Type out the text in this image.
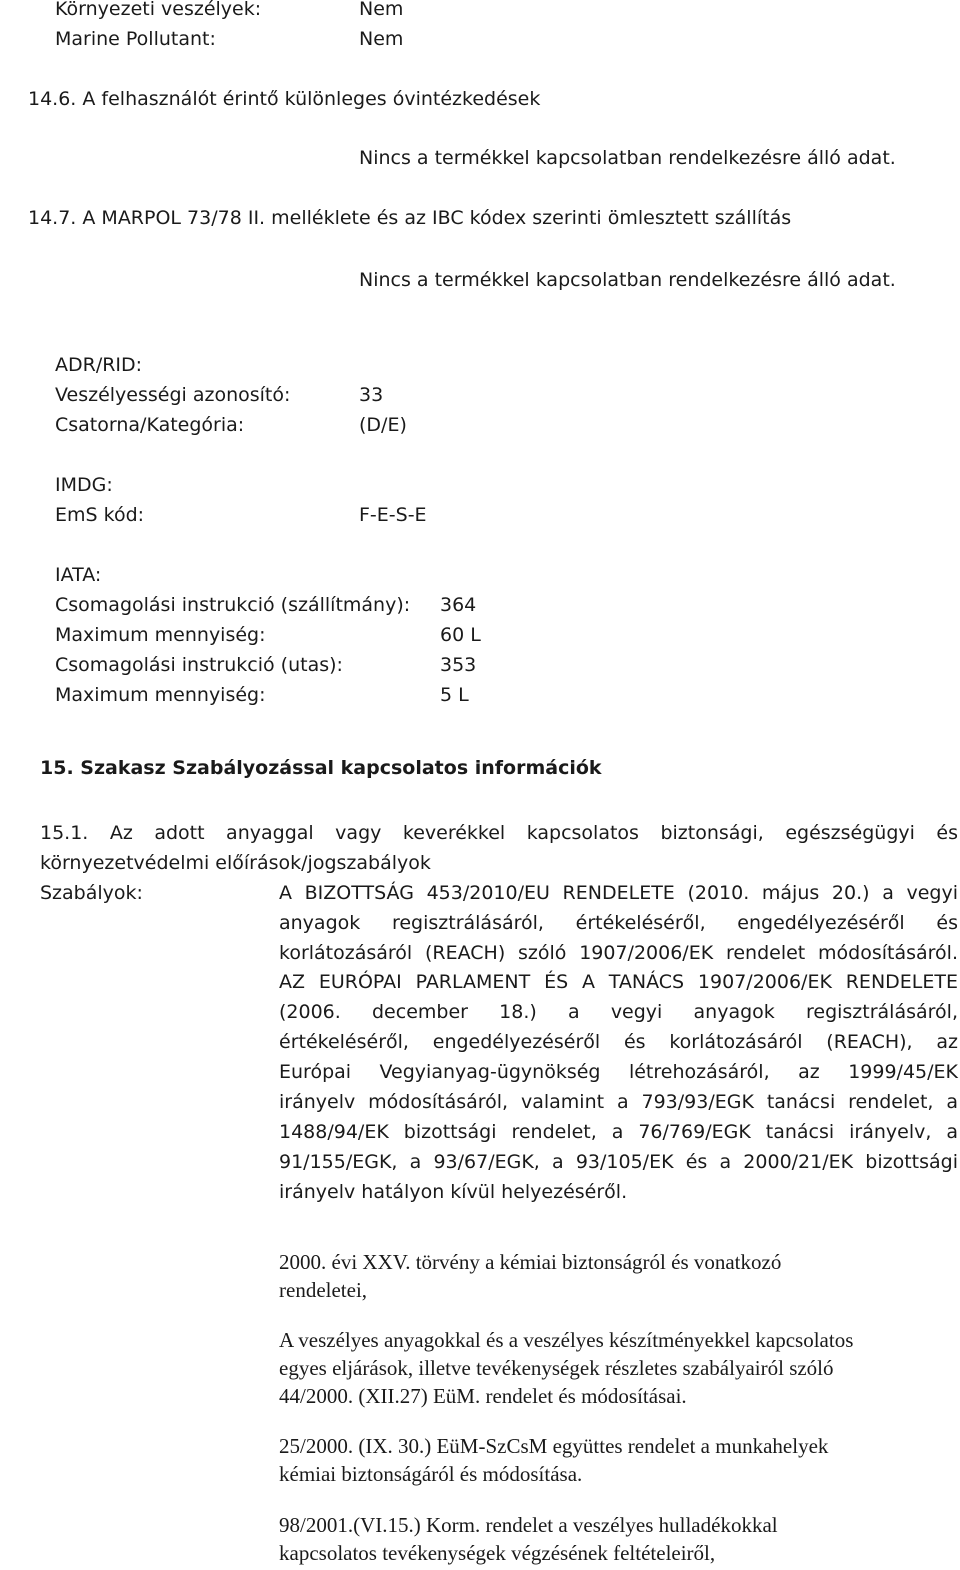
Környezeti veszélyek:	Nem
Marine Pollutant:	Nem
14.6. A felhasználót érintő különleges óvintézkedések
Nincs a termékkel kapcsolatban rendelkezésre álló adat.
14.7. A MARPOL 73/78 II. melléklete és az IBC kódex szerinti ömlesztett szállítás
Nincs a termékkel kapcsolatban rendelkezésre álló adat.
ADR/RID:
Veszélyességi azonosító:	33
Csatorna/Kategória:	(D/E)
IMDG:
EmS kód:	F-E-S-E
IATA:
Csomagolási instrukció (szállítmány): 364
Maximum mennyiség:	60 L
Csomagolási instrukció (utas):	353
Maximum mennyiség:	5 L
15. Szakasz Szabályozással kapcsolatos információk
15.1. Az adott anyaggal vagy keverékkel kapcsolatos biztonsági, egészségügyi és
környezetvédelmi előírások/jogszabályok
Szabályok:	A BIZOTTSÁG 453/2010/EU RENDELETE (2010. május 20.) a vegyi
anyagok regisztrálásáról, értékeléséről, engedélyezéséről és
korlátozásáról (REACH) szóló 1907/2006/EK rendelet módosításáról.
AZ EURÓPAI PARLAMENT ÉS A TANÁCS 1907/2006/EK RENDELETE
(2006. december 18.) a vegyi anyagok regisztrálásáról,
értékeléséről, engedélyezéséről és korlátozásáról (REACH), az
Európai Vegyianyag-ügynökség létrehozásáról, az 1999/45/EK
irányelv módosításáról, valamint a 793/93/EGK tanácsi rendelet, a
1488/94/EK bizottsági rendelet, a 76/769/EGK tanácsi irányelv, a
91/155/EGK, a 93/67/EGK, a 93/105/EK és a 2000/21/EK bizottsági
irányelv hatályon kívül helyezéséről.
2000. évi XXV. törvény a kémiai biztonságról és vonatkozó
rendeletei,
A veszélyes anyagokkal és a veszélyes készítményekkel kapcsolatos
egyes eljárások, illetve tevékenységek részletes szabályairól szóló
44/2000. (XII.27) EüM. rendelet és módosításai.
25/2000. (IX. 30.) EüM-SzCsM együttes rendelet a munkahelyek
kémiai biztonságáról és módosítása.
98/2001.(VI.15.) Korm. rendelet a veszélyes hulladékokkal
kapcsolatos tevékenységek végzésének feltételeiről,
